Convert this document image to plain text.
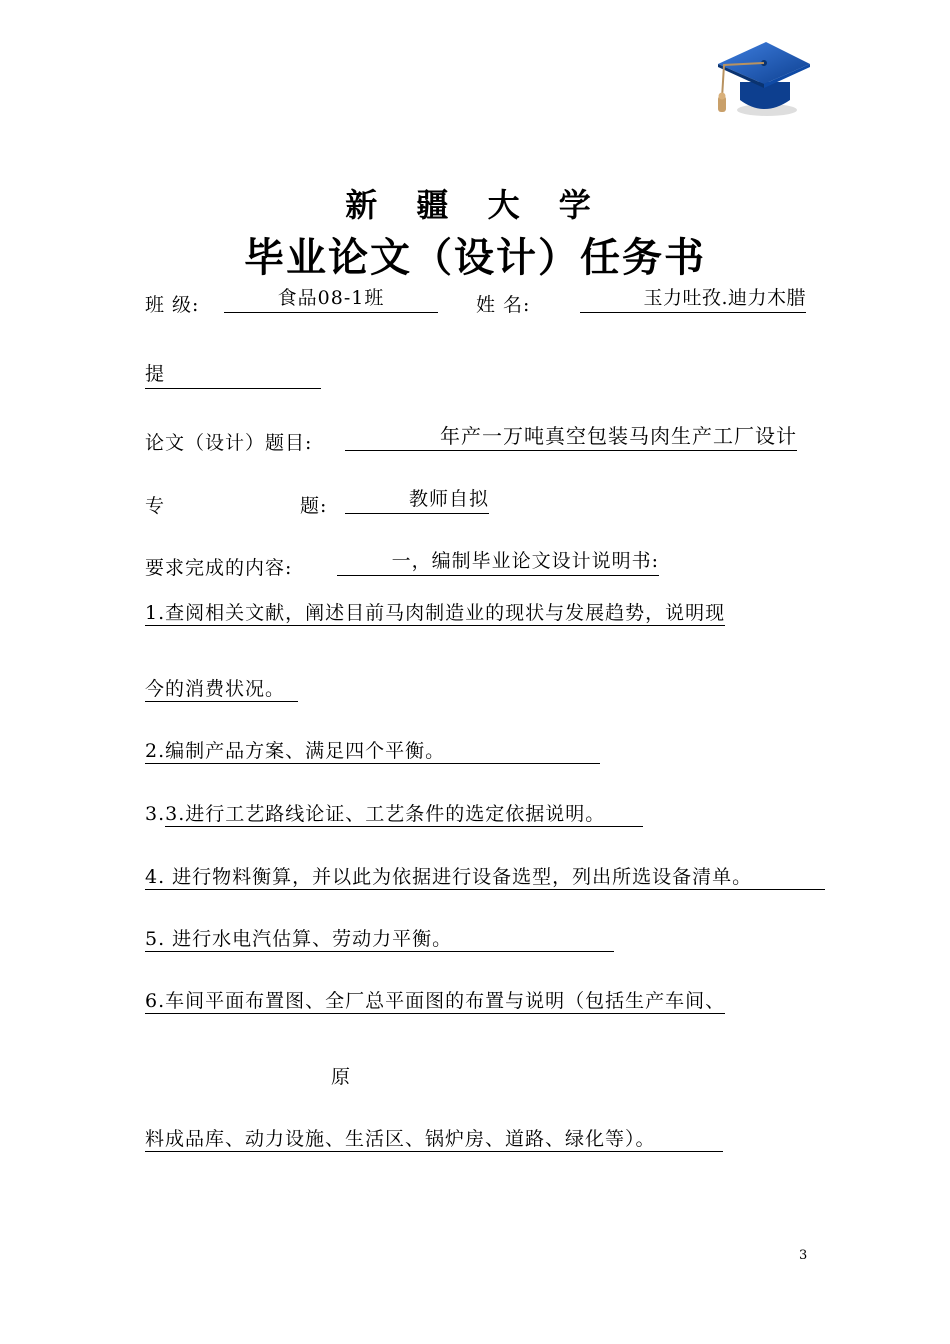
新 疆 大 学
毕业论文（设计）任务书
班 级:	食品08-1班	姓 名:	玉力吐孜.迪力木腊
提
论文（设计）题目:	年产一万吨真空包装马肉生产工厂设计
专	题:	教师自拟
要求完成的内容:	一，编制毕业论文设计说明书:
1.查阅相关文献，阐述目前马肉制造业的现状与发展趋势，说明现
今的消费状况。
2.编制产品方案、满足四个平衡。
3.3.进行工艺路线论证、工艺条件的选定依据说明。
4. 进行物料衡算，并以此为依据进行设备选型，列出所选设备清单。
5. 进行水电汽估算、劳动力平衡。
6.车间平面布置图、全厂总平面图的布置与说明（包括生产车间、
原
料成品库、动力设施、生活区、锅炉房、道路、绿化等）。
3
